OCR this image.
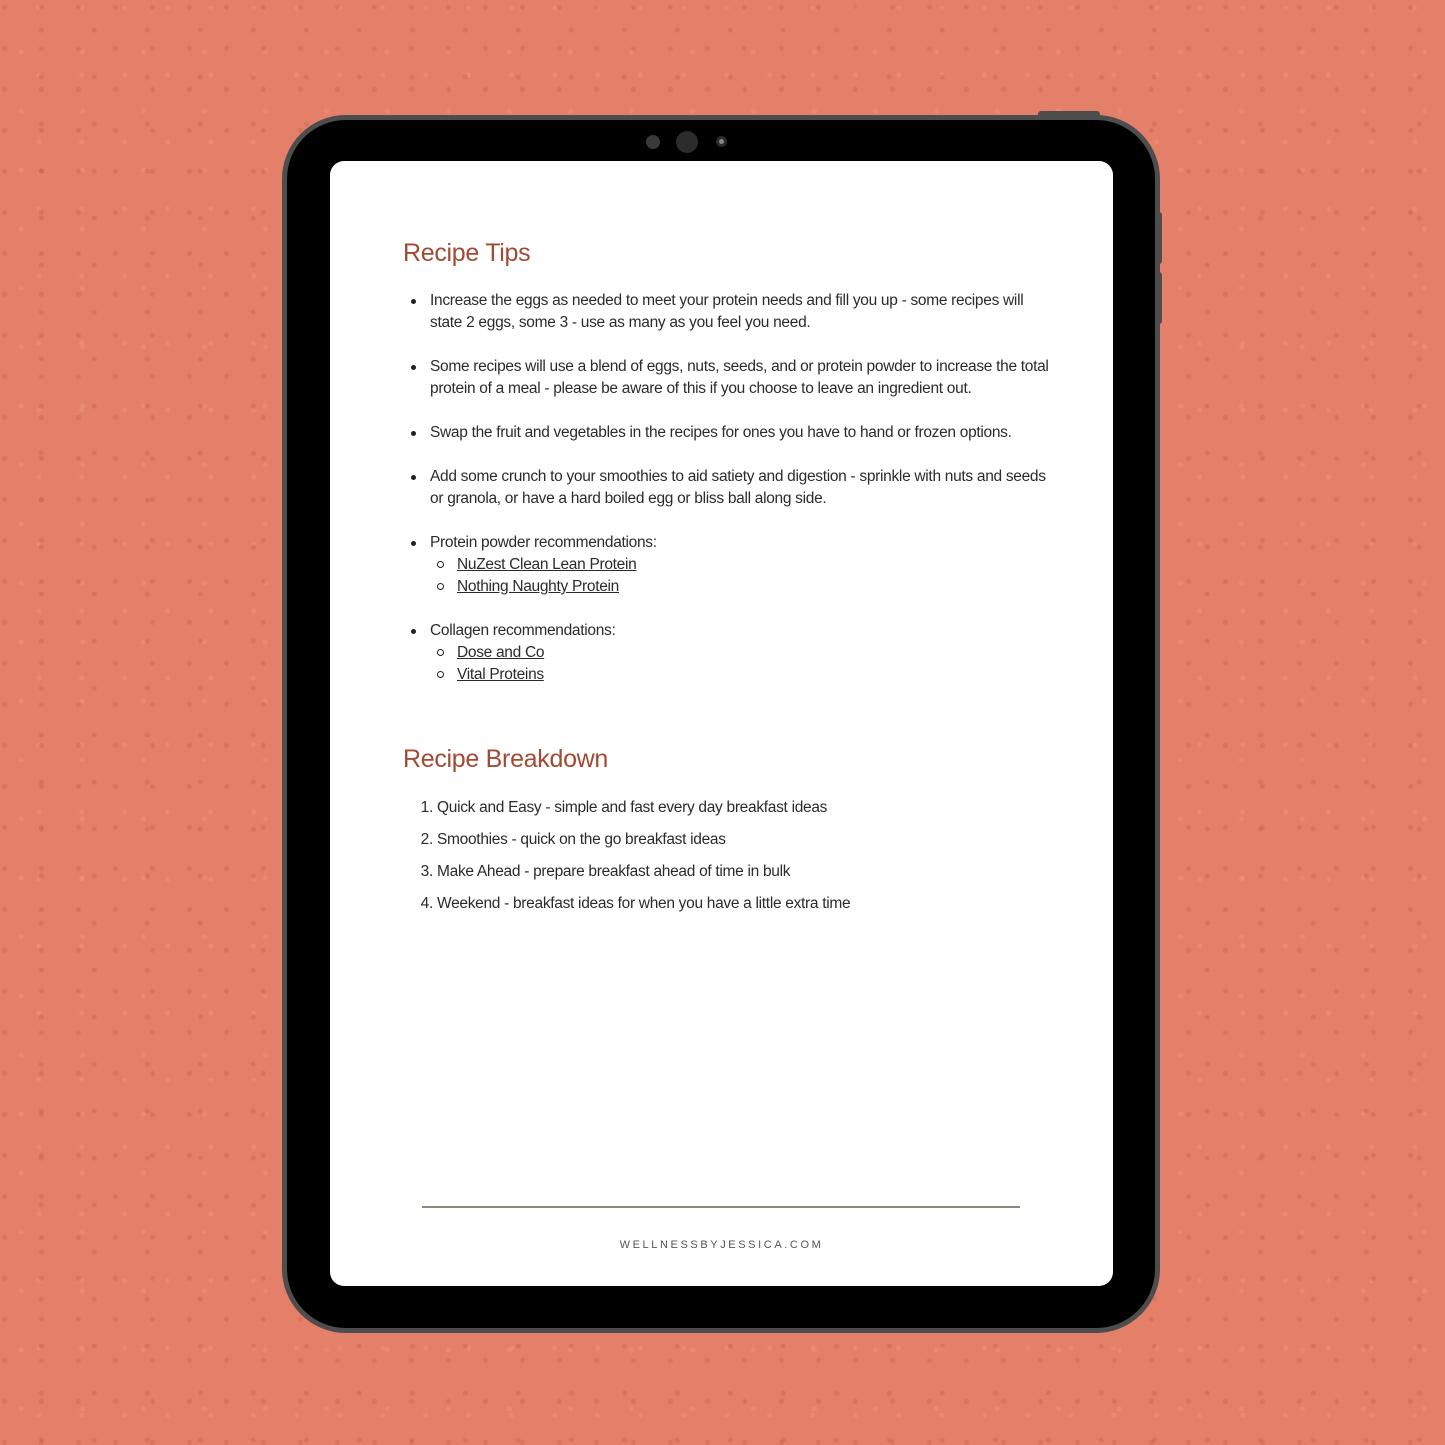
Recipe Tips
Increase the eggs as needed to meet your protein needs and fill you up - some recipes will state 2 eggs, some 3 - use as many as you feel you need.
Some recipes will use a blend of eggs, nuts, seeds, and or protein powder to increase the total protein of a meal - please be aware of this if you choose to leave an ingredient out.
Swap the fruit and vegetables in the recipes for ones you have to hand or frozen options.
Add some crunch to your smoothies to aid satiety and digestion - sprinkle with nuts and seeds or granola, or have a hard boiled egg or bliss ball along side.
Protein powder recommendations:
NuZest Clean Lean Protein
Nothing Naughty Protein
Collagen recommendations:
Dose and Co
Vital Proteins
Recipe Breakdown
1.
Quick and Easy - simple and fast every day breakfast ideas
2.
Smoothies - quick on the go breakfast ideas
3.
Make Ahead - prepare breakfast ahead of time in bulk
4.
Weekend - breakfast ideas for when you have a little extra time
WELLNESSBYJESSICA.COM
